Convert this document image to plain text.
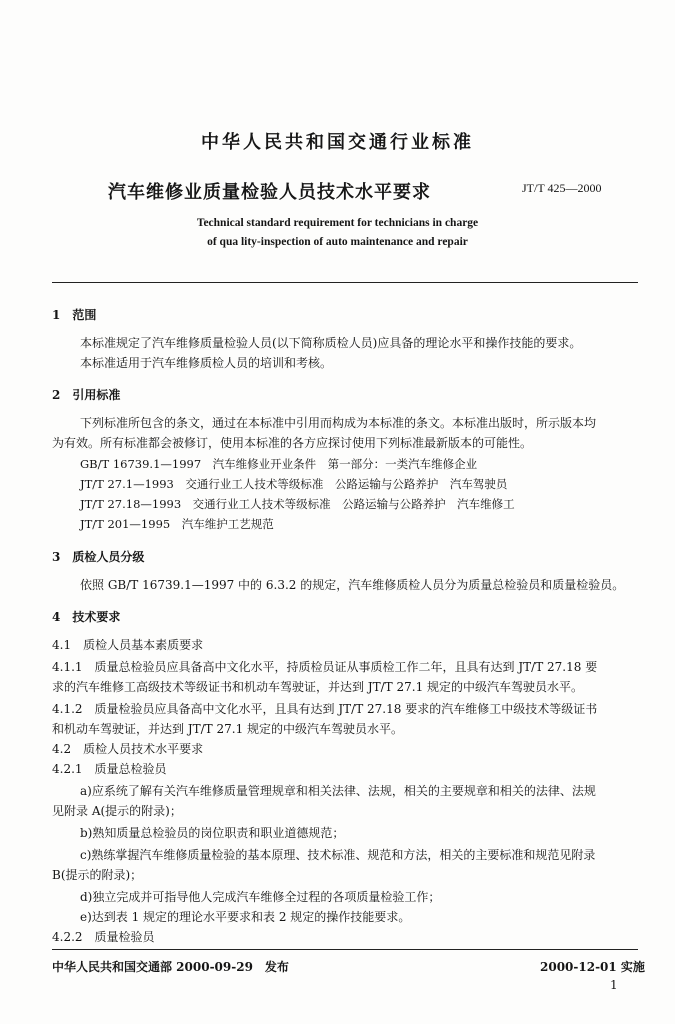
中华人民共和国交通行业标准
汽车维修业质量检验人员技术水平要求	JT/T 425—2000
Technical standard requirement for technicians in charge
of qua lity-inspection of auto maintenance and repair
1　范围
本标准规定了汽车维修质量检验人员(以下简称质检人员)应具备的理论水平和操作技能的要求。
本标准适用于汽车维修质检人员的培训和考核。
2　引用标准
下列标准所包含的条文，通过在本标准中引用而构成为本标准的条文。本标准出版时，所示版本均
为有效。所有标准都会被修订，使用本标准的各方应探讨使用下列标准最新版本的可能性。
GB/T 16739.1—1997　汽车维修业开业条件　第一部分：一类汽车维修企业
JT/T 27.1—1993　交通行业工人技术等级标准　公路运输与公路养护　汽车驾驶员
JT/T 27.18—1993　交通行业工人技术等级标准　公路运输与公路养护　汽车维修工
JT/T 201—1995　汽车维护工艺规范
3　质检人员分级
依照 GB/T 16739.1—1997 中的 6.3.2 的规定，汽车维修质检人员分为质量总检验员和质量检验员。
4　技术要求
4.1　质检人员基本素质要求
4.1.1　质量总检验员应具备高中文化水平，持质检员证从事质检工作二年，且具有达到 JT/T 27.18 要
求的汽车维修工高级技术等级证书和机动车驾驶证，并达到 JT/T 27.1 规定的中级汽车驾驶员水平。
4.1.2　质量检验员应具备高中文化水平，且具有达到 JT/T 27.18 要求的汽车维修工中级技术等级证书
和机动车驾驶证，并达到 JT/T 27.1 规定的中级汽车驾驶员水平。
4.2　质检人员技术水平要求
4.2.1　质量总检验员
a)应系统了解有关汽车维修质量管理规章和相关法律、法规，相关的主要规章和相关的法律、法规
见附录 A(提示的附录)；
b)熟知质量总检验员的岗位职责和职业道德规范；
c)熟练掌握汽车维修质量检验的基本原理、技术标准、规范和方法，相关的主要标准和规范见附录
B(提示的附录)；
d)独立完成并可指导他人完成汽车维修全过程的各项质量检验工作；
e)达到表 1 规定的理论水平要求和表 2 规定的操作技能要求。
4.2.2　质量检验员
中华人民共和国交通部 2000-09-29　发布	2000-12-01 实施
1
